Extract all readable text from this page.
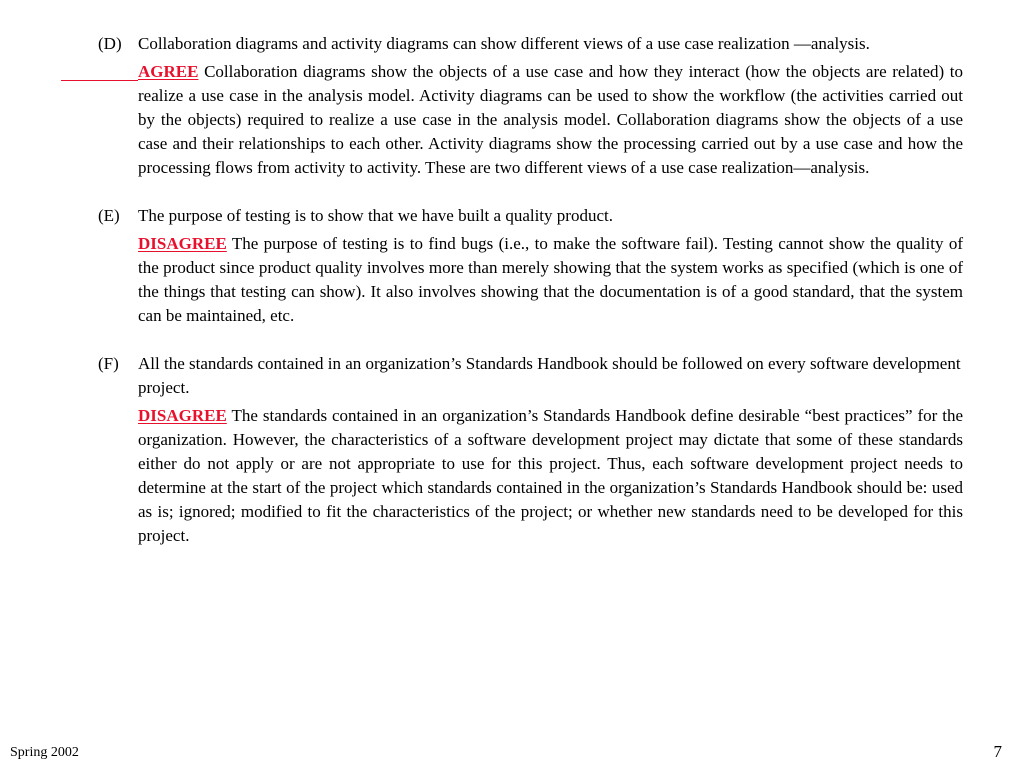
(D) Collaboration diagrams and activity diagrams can show different views of a use case realization —analysis.
AGREE Collaboration diagrams show the objects of a use case and how they interact (how the objects are related) to realize a use case in the analysis model. Activity diagrams can be used to show the workflow (the activities carried out by the objects) required to realize a use case in the analysis model. Collaboration diagrams show the objects of a use case and their relationships to each other. Activity diagrams show the processing carried out by a use case and how the processing flows from activity to activity. These are two different views of a use case realization—analysis.
(E) The purpose of testing is to show that we have built a quality product.
DISAGREE The purpose of testing is to find bugs (i.e., to make the software fail). Testing cannot show the quality of the product since product quality involves more than merely showing that the system works as specified (which is one of the things that testing can show). It also involves showing that the documentation is of a good standard, that the system can be maintained, etc.
(F) All the standards contained in an organization’s Standards Handbook should be followed on every software development project.
DISAGREE The standards contained in an organization’s Standards Handbook define desirable “best practices” for the organization. However, the characteristics of a software development project may dictate that some of these standards either do not apply or are not appropriate to use for this project. Thus, each software development project needs to determine at the start of the project which standards contained in the organization’s Standards Handbook should be: used as is; ignored; modified to fit the characteristics of the project; or whether new standards need to be developed for this project.
Spring 2002	7
